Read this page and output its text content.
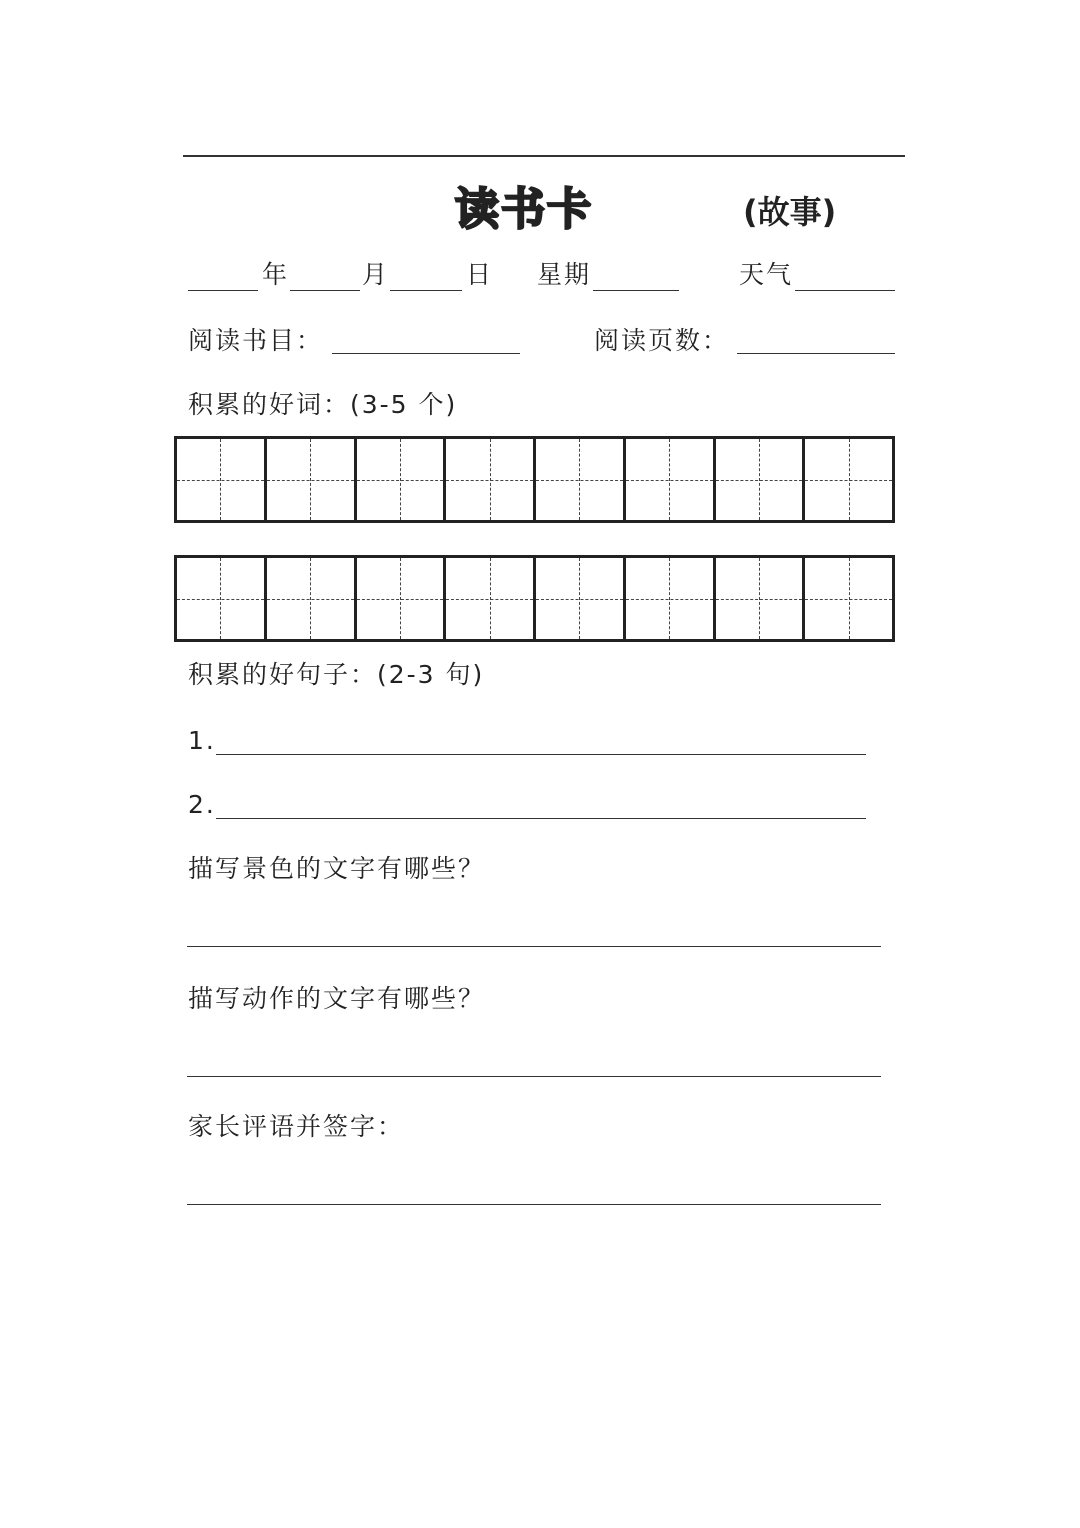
读书卡	(故事)
年	月	日 星期	天气
阅读书目：	阅读页数：
积累的好词：(3-5 个)
积累的好句子：(2-3 句)
1.
2.
描写景色的文字有哪些？
描写动作的文字有哪些？
家长评语并签字：
